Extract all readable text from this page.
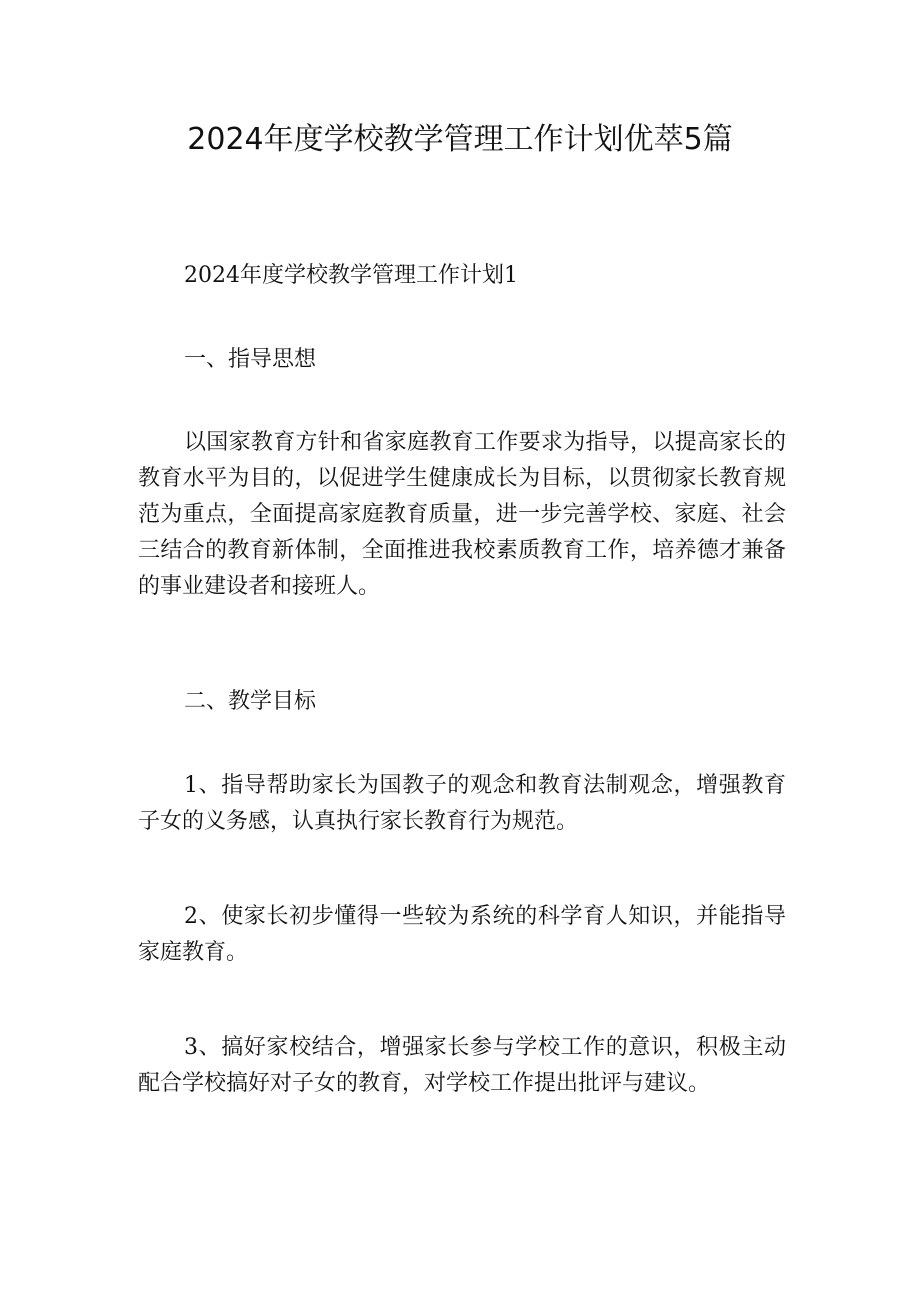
2024年度学校教学管理工作计划优萃5篇

2024年度学校教学管理工作计划1

一、指导思想

以国家教育方针和省家庭教育工作要求为指导，以提高家长的教育水平为目的，以促进学生健康成长为目标，以贯彻家长教育规范为重点，全面提高家庭教育质量，进一步完善学校、家庭、社会三结合的教育新体制，全面推进我校素质教育工作，培养德才兼备的事业建设者和接班人。

二、教学目标

1、指导帮助家长为国教子的观念和教育法制观念，增强教育子女的义务感，认真执行家长教育行为规范。

2、使家长初步懂得一些较为系统的科学育人知识，并能指导家庭教育。

3、搞好家校结合，增强家长参与学校工作的意识，积极主动配合学校搞好对子女的教育，对学校工作提出批评与建议。
